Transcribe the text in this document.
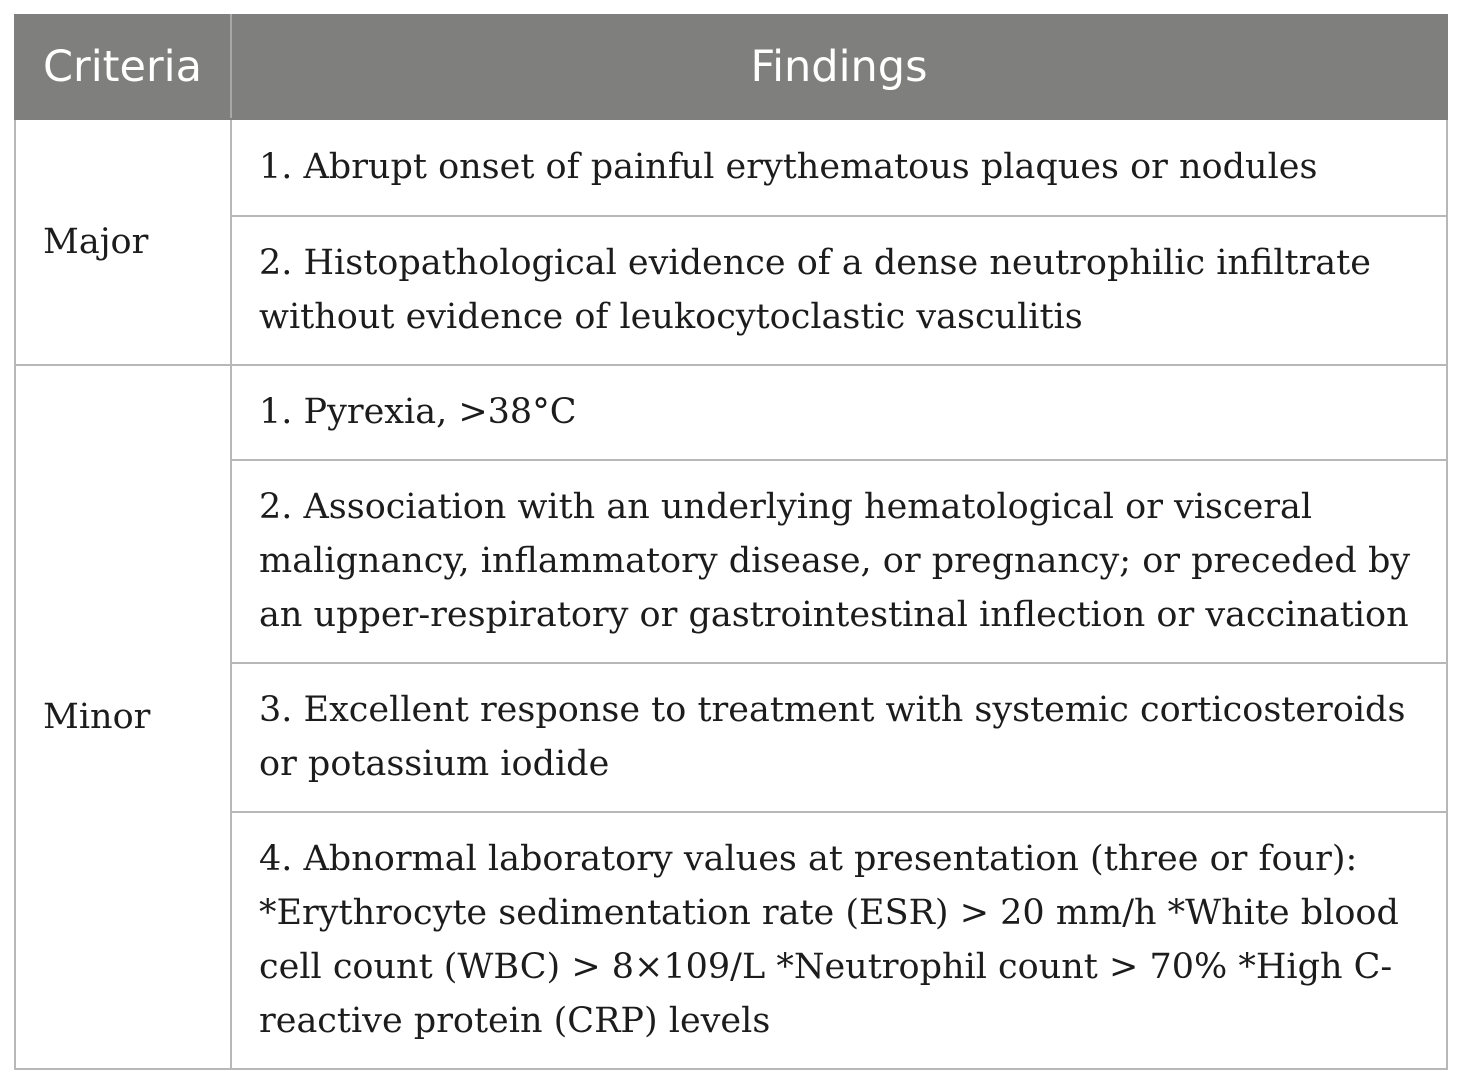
Criteria	Findings
Major	1. Abrupt onset of painful erythematous plaques or nodules
	2. Histopathological evidence of a dense neutrophilic infiltrate without evidence of leukocytoclastic vasculitis
Minor	1. Pyrexia, >38°C
	2. Association with an underlying hematological or visceral malignancy, inflammatory disease, or pregnancy; or preceded by an upper-respiratory or gastrointestinal inflection or vaccination
	3. Excellent response to treatment with systemic corticosteroids or potassium iodide
	4. Abnormal laboratory values at presentation (three or four): *Erythrocyte sedimentation rate (ESR) > 20 mm/h *White blood cell count (WBC) > 8×109/L *Neutrophil count > 70% *High C-reactive protein (CRP) levels
